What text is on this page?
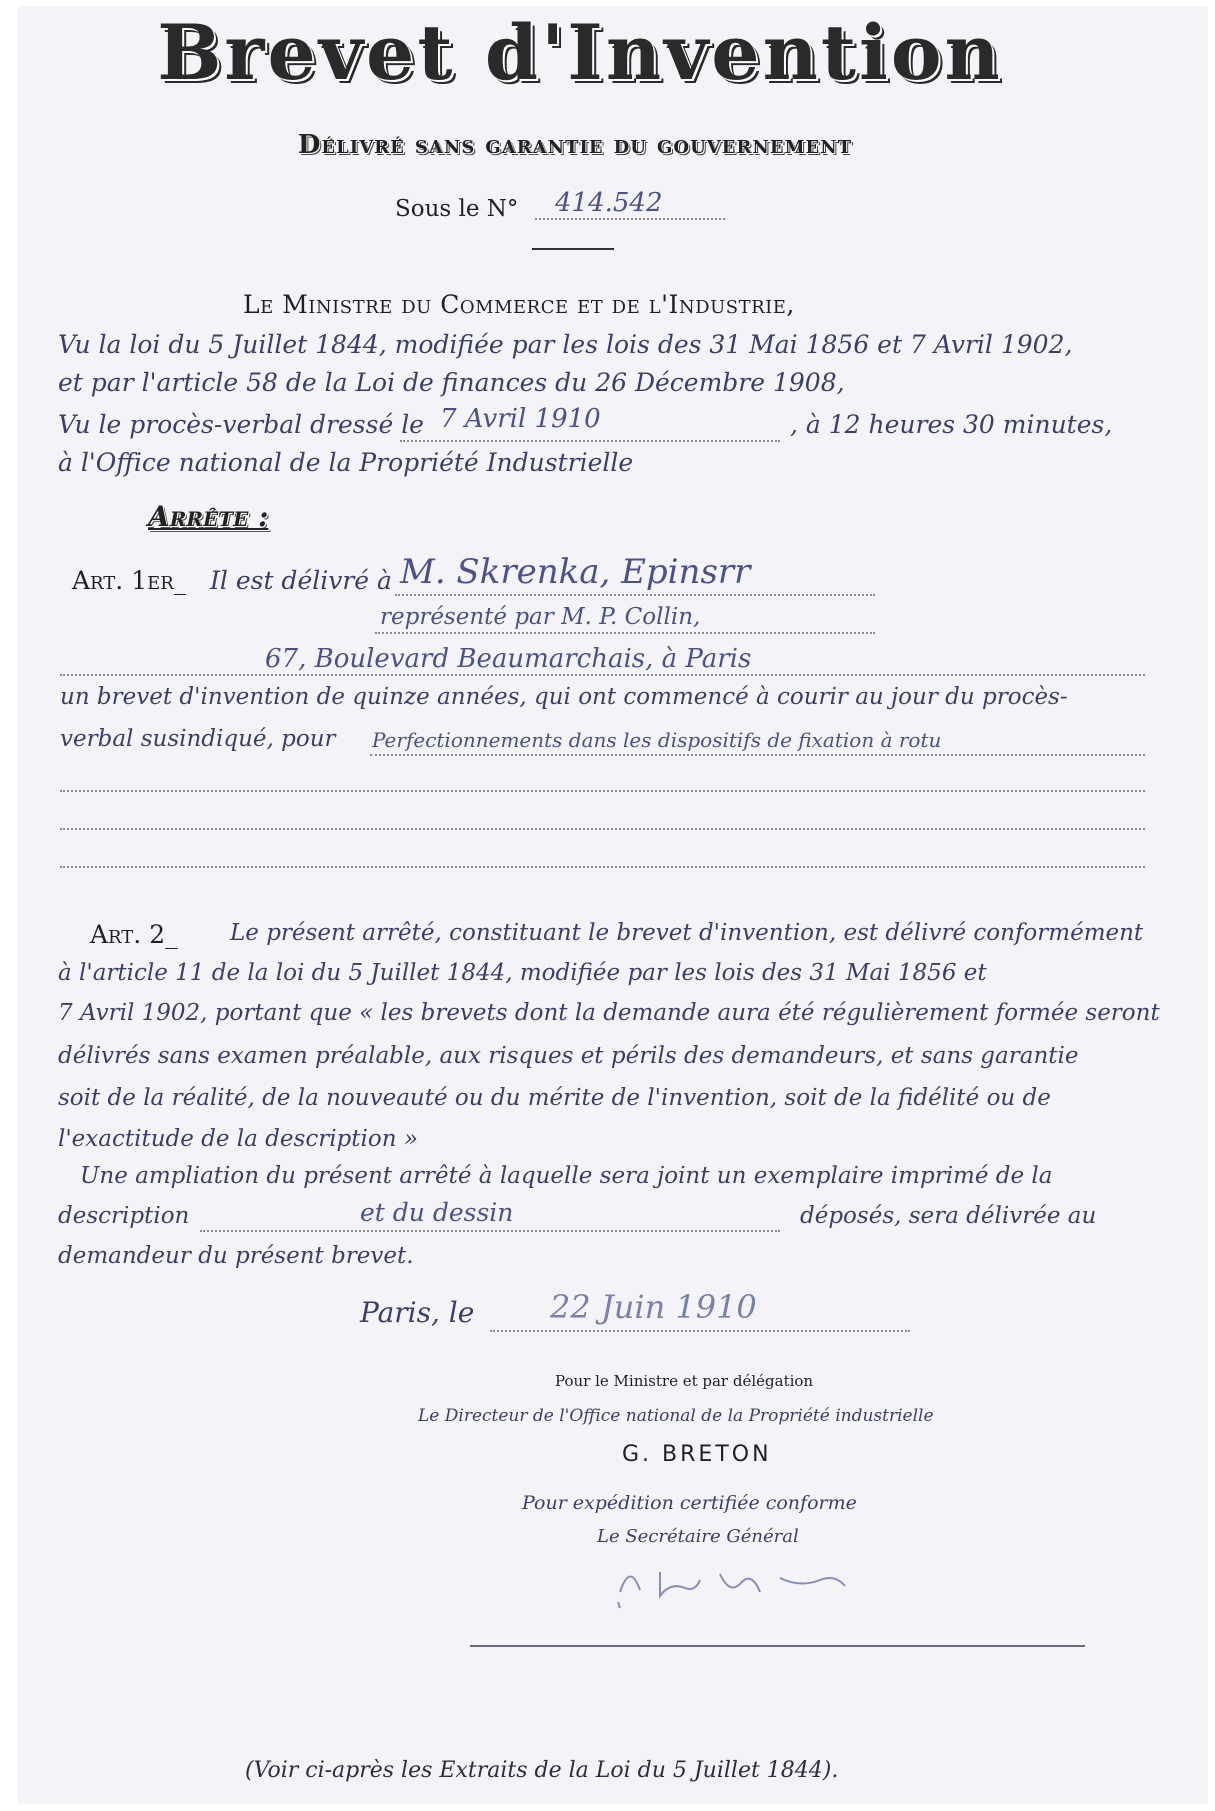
Brevet d'Invention
Délivré sans garantie du gouvernement
Sous le N° 414.542
Le Ministre du Commerce et de l'Industrie,
Vu la loi du 5 Juillet 1844, modifiée par les lois des 31 Mai 1856 et 7 Avril 1902,
et par l'article 58 de la Loi de finances du 26 Décembre 1908,
Vu le procès-verbal dressé le 7 Avril 1910	, à 12 heures 30 minutes,
à l'Office national de la Propriété Industrielle
Arrête :
Art. 1er_ Il est délivré à M. Skrenka, Epinsrr
représenté par M. P. Collin,
67, Boulevard Beaumarchais, à Paris
un brevet d'invention de quinze années, qui ont commencé à courir au jour du procès-
verbal susindiqué, pour Perfectionnements dans les dispositifs de fixation à rotu
Art. 2_ Le présent arrêté, constituant le brevet d'invention, est délivré conformément
à l'article 11 de la loi du 5 Juillet 1844, modifiée par les lois des 31 Mai 1856 et
7 Avril 1902, portant que « les brevets dont la demande aura été régulièrement formée seront
délivrés sans examen préalable, aux risques et périls des demandeurs, et sans garantie
soit de la réalité, de la nouveauté ou du mérite de l'invention, soit de la fidélité ou de
l'exactitude de la description »
Une ampliation du présent arrêté à laquelle sera joint un exemplaire imprimé de la
description	et du dessin	déposés, sera délivrée au
demandeur du présent brevet.
Paris, le 22 Juin 1910
Pour le Ministre et par délégation
Le Directeur de l'Office national de la Propriété industrielle
G. BRETON
Pour expédition certifiée conforme
Le Secrétaire Général
(Voir ci-après les Extraits de la Loi du 5 Juillet 1844).
